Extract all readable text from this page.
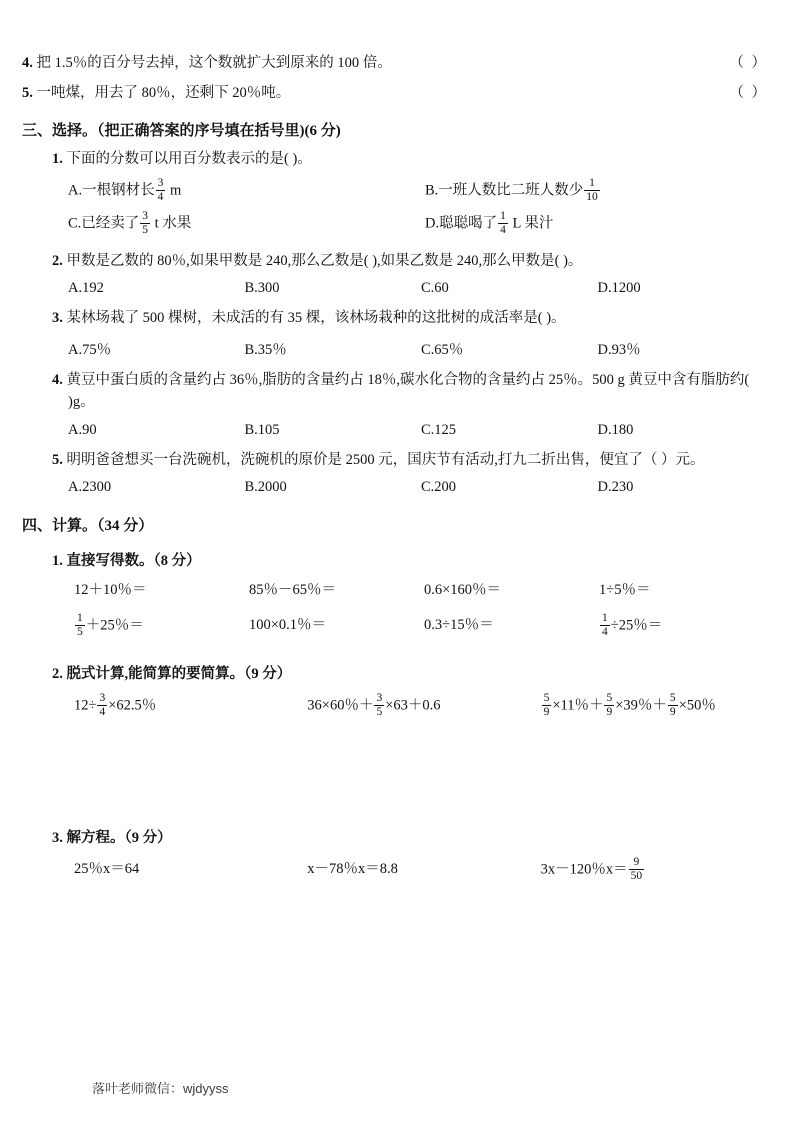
4. 把 1.5％的百分号去掉，这个数就扩大到原来的 100 倍。	（ ）
5. 一吨煤，用去了 80％，还剩下 20％吨。	（ ）
三、选择。（把正确答案的序号填在括号里)(6 分)
1. 下面的分数可以用百分数表示的是( )。
A.一根钢材长 $\frac{3}{4}$ m	B.一班人数比二班人数少 $\frac{1}{10}$
C.已经卖了 $\frac{3}{5}$ t 水果	D.聪聪喝了 $\frac{1}{4}$ L 果汁
2. 甲数是乙数的 80％,如果甲数是 240,那么乙数是( ),如果乙数是 240,那么甲数是( )。
A.192	B.300	C.60	D.1200
3. 某林场栽了 500 棵树，未成活的有 35 棵，该林场栽种的这批树的成活率是( )。
A.75％	B.35％	C.65％	D.93％
4. 黄豆中蛋白质的含量约占 36％,脂肪的含量约占 18％,碳水化合物的含量约占 25％。500 g 黄豆中含有脂肪约( )g。
A.90	B.105	C.125	D.180
5. 明明爸爸想买一台洗碗机，洗碗机的原价是 2500 元，国庆节有活动,打九二折出售，便宜了（ ）元。
A.2300	B.2000	C.200	D.230
四、计算。（34 分）
1. 直接写得数。（8 分）
12＋10％＝	85％－65％＝	0.6×160％＝	1÷5％＝
$\frac{1}{5} +25$％＝	100×0.1％＝	0.3÷15％＝	$\frac{1}{4} \div 25$％＝
2. 脱式计算,能简算的要简算。（9 分）
$12\div \frac{3}{4} \times 62.5$％	36×60％＋ $\frac{3}{5} \times 63+0.6$	$\frac{5}{9} \times 11$％＋ $\frac{5}{9} \times 39$％＋ $\frac{5}{9} \times 50$％
3. 解方程。（9 分）
25％x＝64	x－78％x＝8.8	3x－120％$x= \frac{9}{50}$
落叶老师微信：wjdyyss
